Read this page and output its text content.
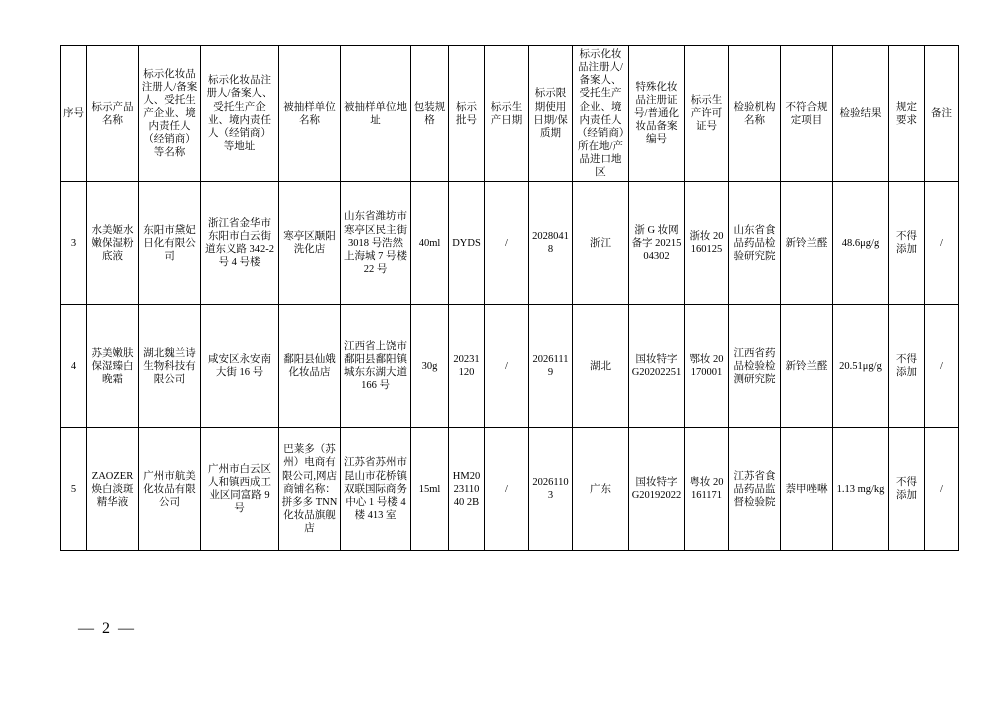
序号	标示产品名称	标示化妆品注册人/备案人、受托生产企业、境内责任人（经销商）等名称	标示化妆品注册人/备案人、受托生产企业、境内责任人（经销商）等地址	被抽样单位名称	被抽样单位地址	包装规格	标示批号	标示生产日期	标示限期使用日期/保质期	标示化妆品注册人/备案人、受托生产企业、境内责任人（经销商）所在地/产品进口地区	特殊化妆品注册证号/普通化妆品备案编号	标示生产许可证号	检验机构名称	不符合规定项目	检验结果	规定要求	备注
3	水美姬水嫩保湿粉底液	东阳市黛妃日化有限公司	浙江省金华市东阳市白云街道东义路 342-2 号 4 号楼	寒亭区颙阳洗化店	山东省潍坊市寒亭区民主街 3018 号浩然上海城 7 号楼 22 号	40ml	DYDS	/	20280418	浙江	浙 G 妆网备字 2021504302	浙妆 20160125	山东省食品药品检验研究院	新铃兰醛	48.6μg/g	不得添加	/
4	苏美嫩肤保湿臻白晚霜	湖北魏兰诗生物科技有限公司	咸安区永安南大街 16 号	鄱阳县仙娥化妆品店	江西省上饶市鄱阳县鄱阳镇城东东湖大道 166 号	30g	20231120	/	20261119	湖北	国妆特字 G20202251	鄂妆 20170001	江西省药品检验检测研究院	新铃兰醛	20.51μg/g	不得添加	/
5	ZAOZER焕白淡斑精华液	广州市航美化妆品有限公司	广州市白云区人和镇西成工业区同富路 9 号	巴莱多（苏州）电商有限公司,网店商铺名称：拼多多 TNN 化妆品旗舰店	江苏省苏州市昆山市花桥镇双联国际商务中心 1 号楼 4 楼 413 室	15ml	HM202311040 2B	/	20261103	广东	国妆特字 G20192022	粤妆 20161171	江苏省食品药品监督检验院	萘甲唑啉	1.13 mg/kg	不得添加	/
— 2 —
